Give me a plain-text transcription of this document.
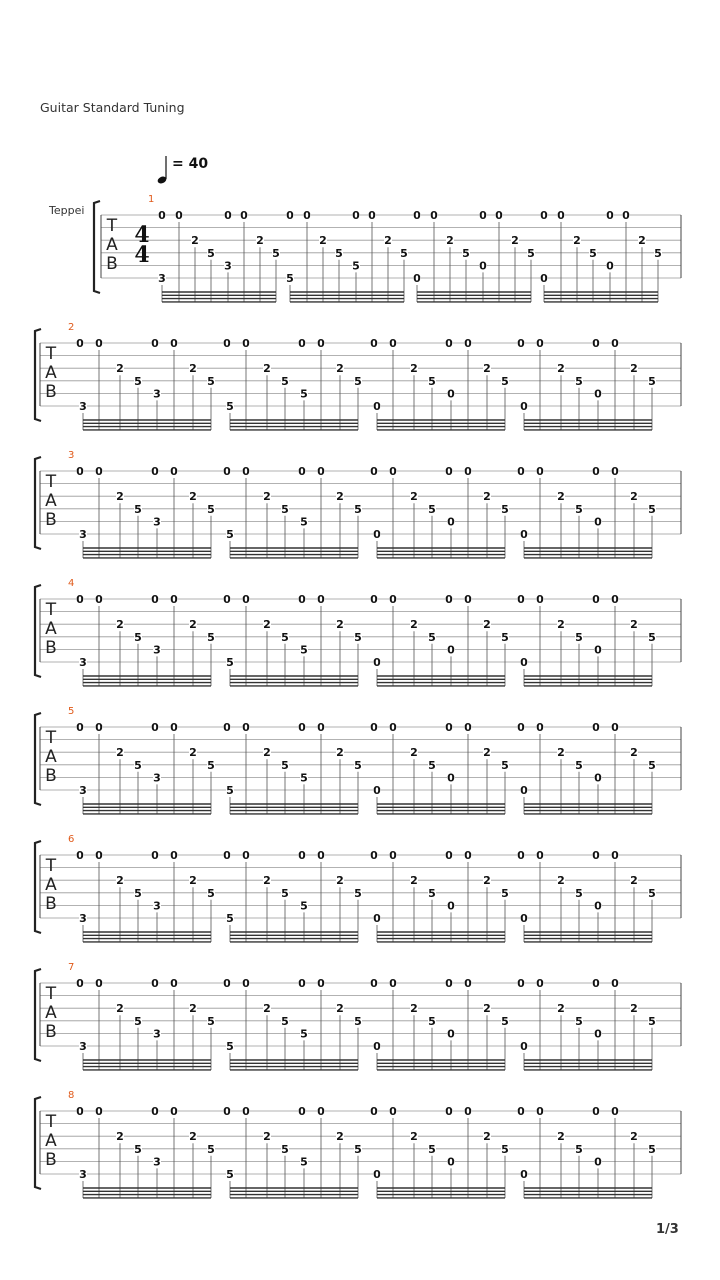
Guitar Standard Tuning
= 40
T
A
B
1
Teppei
4
4
3
0 0
2
5
3
0 0
2
5
5
0 0
2
5
5
0 0
2
5
0
0 0
2
5
0
0 0
2
5
0
0 0
2
5
0
0 0
2
5
T
A
B
2
3
0 0
2
5
3
0 0
2
5
5
0 0
2
5
5
0 0
2
5
0
0 0
2
5
0
0 0
2
5
0
0 0
2
5
0
0 0
2
5
T
A
B
3
3
0 0
2
5
3
0 0
2
5
5
0 0
2
5
5
0 0
2
5
0
0 0
2
5
0
0 0
2
5
0
0 0
2
5
0
0 0
2
5
T
A
B
4
3
0 0
2
5
3
0 0
2
5
5
0 0
2
5
5
0 0
2
5
0
0 0
2
5
0
0 0
2
5
0
0 0
2
5
0
0 0
2
5
T
A
B
5
3
0 0
2
5
3
0 0
2
5
5
0 0
2
5
5
0 0
2
5
0
0 0
2
5
0
0 0
2
5
0
0 0
2
5
0
0 0
2
5
T
A
B
6
3
0 0
2
5
3
0 0
2
5
5
0 0
2
5
5
0 0
2
5
0
0 0
2
5
0
0 0
2
5
0
0 0
2
5
0
0 0
2
5
T
A
B
7
3
0 0
2
5
3
0 0
2
5
5
0 0
2
5
5
0 0
2
5
0
0 0
2
5
0
0 0
2
5
0
0 0
2
5
0
0 0
2
5
T
A
B
8
3
0 0
2
5
3
0 0
2
5
5
0 0
2
5
5
0 0
2
5
0
0 0
2
5
0
0 0
2
5
0
0 0
2
5
0
0 0
2
5
1/3
